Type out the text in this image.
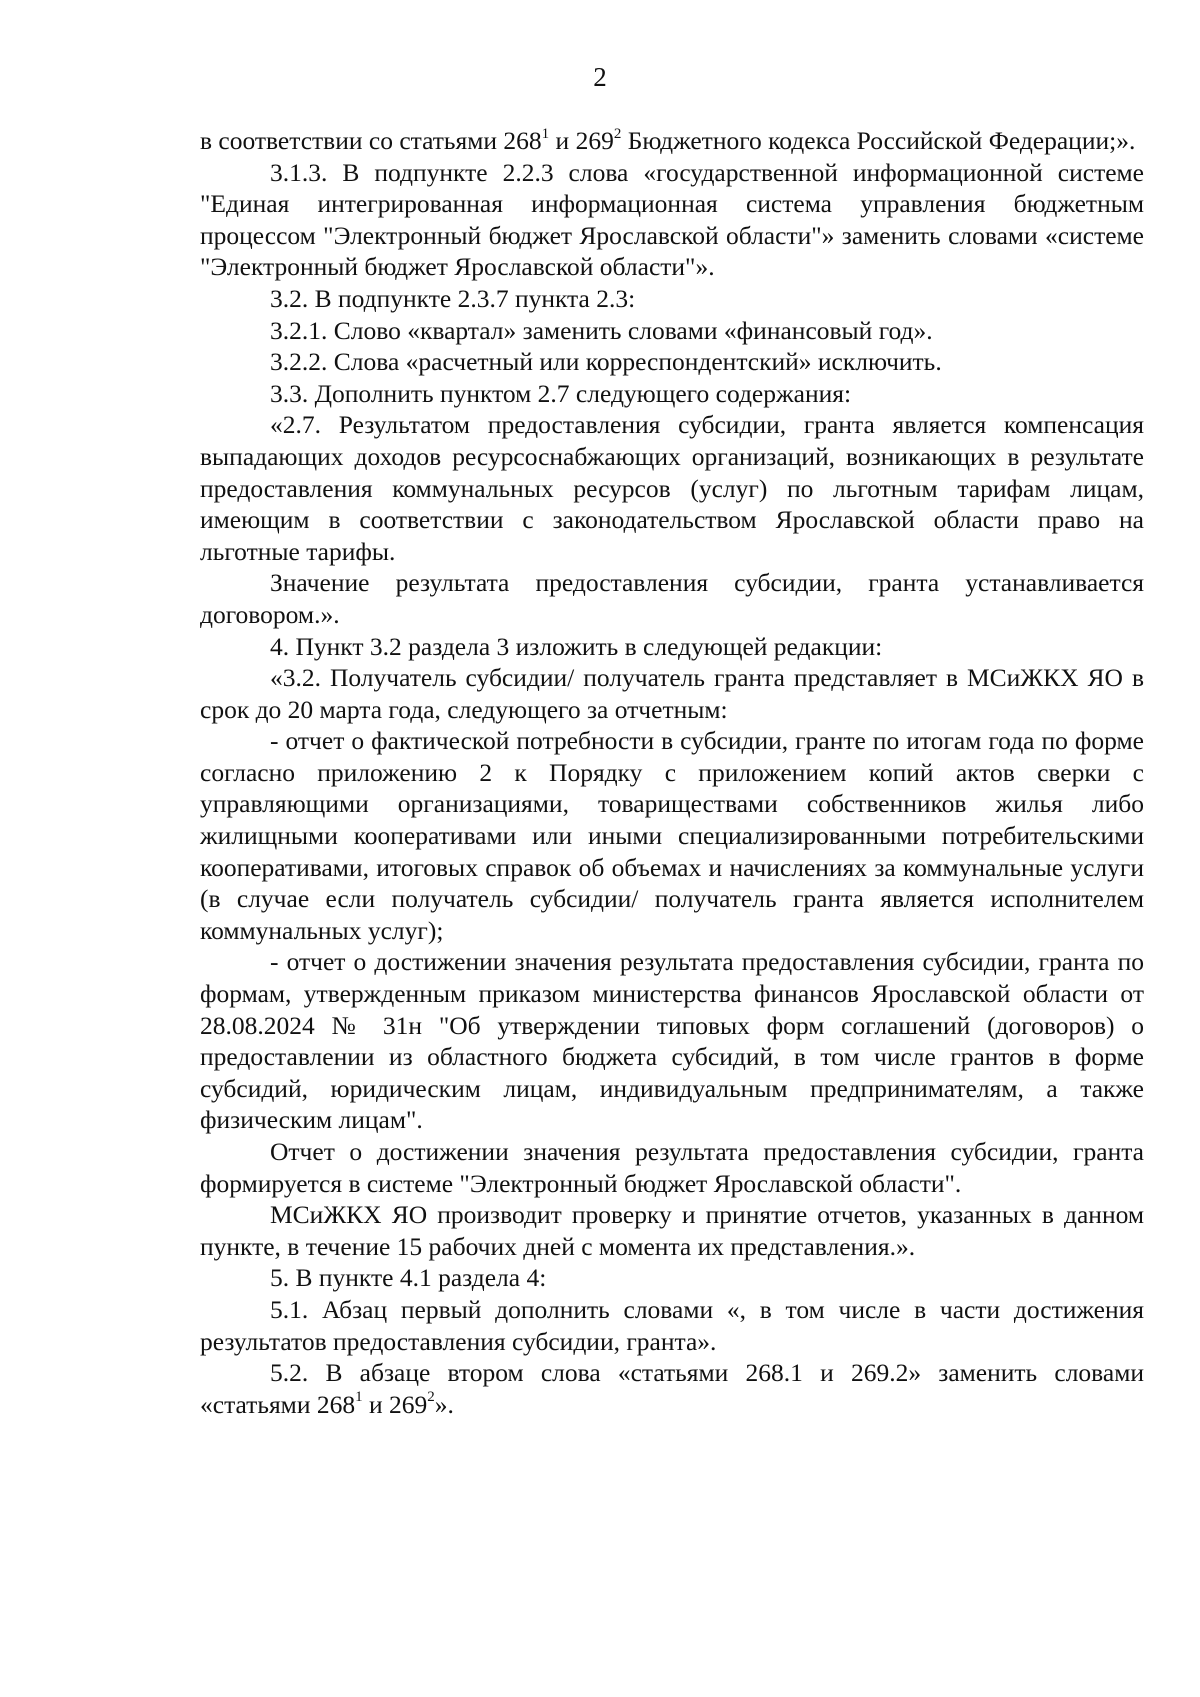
2

в соответствии со статьями $268^1$ и $269^2$ Бюджетного кодекса Российской Федерации;».

3.1.3. В подпункте 2.2.3 слова «государственной информационной системе "Единая интегрированная информационная система управления бюджетным процессом "Электронный бюджет Ярославской области"» заменить словами «системе "Электронный бюджет Ярославской области"».

3.2. В подпункте 2.3.7 пункта 2.3:

3.2.1. Слово «квартал» заменить словами «финансовый год».

3.2.2. Слова «расчетный или корреспондентский» исключить.

3.3. Дополнить пунктом 2.7 следующего содержания:

«2.7. Результатом предоставления субсидии, гранта является компенсация выпадающих доходов ресурсоснабжающих организаций, возникающих в результате предоставления коммунальных ресурсов (услуг) по льготным тарифам лицам, имеющим в соответствии с законодательством Ярославской области право на льготные тарифы.

Значение результата предоставления субсидии, гранта устанавливается договором.».

4. Пункт 3.2 раздела 3 изложить в следующей редакции:

«3.2. Получатель субсидии/ получатель гранта представляет в МСиЖКХ ЯО в срок до 20 марта года, следующего за отчетным:

- отчет о фактической потребности в субсидии, гранте по итогам года по форме согласно приложению 2 к Порядку с приложением копий актов сверки с управляющими организациями, товариществами собственников жилья либо жилищными кооперативами или иными специализированными потребительскими кооперативами, итоговых справок об объемах и начислениях за коммунальные услуги (в случае если получатель субсидии/ получатель гранта является исполнителем коммунальных услуг);

- отчет о достижении значения результата предоставления субсидии, гранта по формам, утвержденным приказом министерства финансов Ярославской области от 28.08.2024 № 31н "Об утверждении типовых форм соглашений (договоров) о предоставлении из областного бюджета субсидий, в том числе грантов в форме субсидий, юридическим лицам, индивидуальным предпринимателям, а также физическим лицам".

Отчет о достижении значения результата предоставления субсидии, гранта формируется в системе "Электронный бюджет Ярославской области".

МСиЖКХ ЯО производит проверку и принятие отчетов, указанных в данном пункте, в течение 15 рабочих дней с момента их представления.».

5. В пункте 4.1 раздела 4:

5.1. Абзац первый дополнить словами «, в том числе в части достижения результатов предоставления субсидии, гранта».

5.2. В абзаце втором слова «статьями 268.1 и 269.2» заменить словами «статьями $268^1$ и $269^2$».
